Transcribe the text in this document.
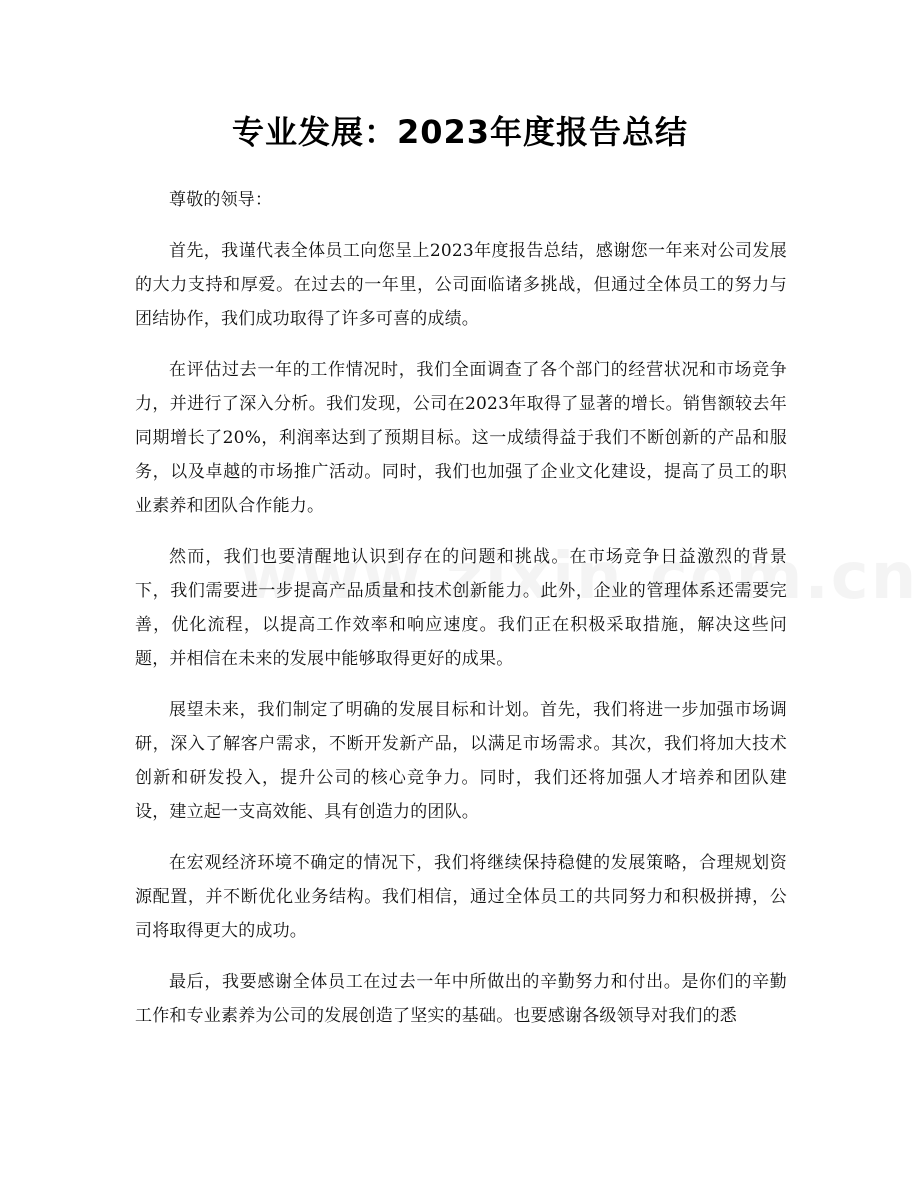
专业发展：2023年度报告总结

尊敬的领导：

首先，我谨代表全体员工向您呈上2023年度报告总结，感谢您一年来对公司发展的大力支持和厚爱。在过去的一年里，公司面临诸多挑战，但通过全体员工的努力与团结协作，我们成功取得了许多可喜的成绩。

在评估过去一年的工作情况时，我们全面调查了各个部门的经营状况和市场竞争力，并进行了深入分析。我们发现，公司在2023年取得了显著的增长。销售额较去年同期增长了20%，利润率达到了预期目标。这一成绩得益于我们不断创新的产品和服务，以及卓越的市场推广活动。同时，我们也加强了企业文化建设，提高了员工的职业素养和团队合作能力。

然而，我们也要清醒地认识到存在的问题和挑战。在市场竞争日益激烈的背景下，我们需要进一步提高产品质量和技术创新能力。此外，企业的管理体系还需要完善，优化流程，以提高工作效率和响应速度。我们正在积极采取措施，解决这些问题，并相信在未来的发展中能够取得更好的成果。

展望未来，我们制定了明确的发展目标和计划。首先，我们将进一步加强市场调研，深入了解客户需求，不断开发新产品，以满足市场需求。其次，我们将加大技术创新和研发投入，提升公司的核心竞争力。同时，我们还将加强人才培养和团队建设，建立起一支高效能、具有创造力的团队。

在宏观经济环境不确定的情况下，我们将继续保持稳健的发展策略，合理规划资源配置，并不断优化业务结构。我们相信，通过全体员工的共同努力和积极拼搏，公司将取得更大的成功。

最后，我要感谢全体员工在过去一年中所做出的辛勤努力和付出。是你们的辛勤工作和专业素养为公司的发展创造了坚实的基础。也要感谢各级领导对我们的悉
